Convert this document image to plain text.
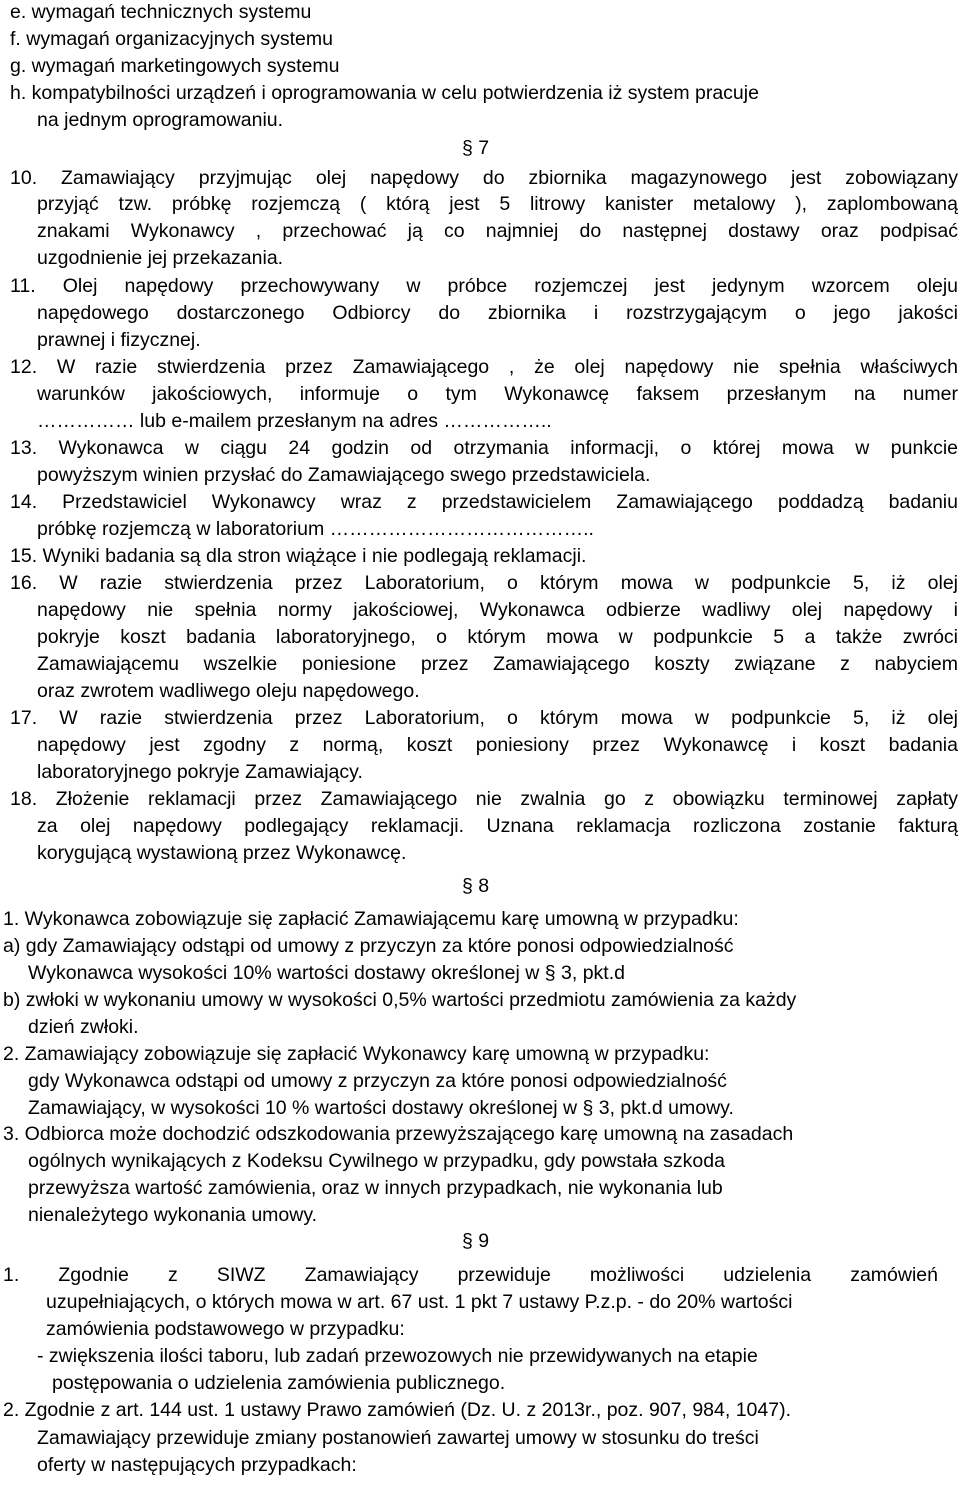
e. wymagań technicznych systemu
f. wymagań organizacyjnych systemu
g. wymagań marketingowych systemu
h. kompatybilności urządzeń i oprogramowania w celu potwierdzenia iż system pracuje
na jednym oprogramowaniu.
§ 7
10. Zamawiający przyjmując olej napędowy do zbiornika magazynowego jest zobowiązany
przyjąć tzw. próbkę rozjemczą ( którą jest 5 litrowy kanister metalowy ), zaplombowaną
znakami Wykonawcy , przechować ją co najmniej do następnej dostawy oraz podpisać
uzgodnienie jej przekazania.
11. Olej napędowy przechowywany w próbce rozjemczej jest jedynym wzorcem oleju
napędowego dostarczonego Odbiorcy do zbiornika i rozstrzygającym o jego jakości
prawnej i fizycznej.
12. W razie stwierdzenia przez Zamawiającego , że olej napędowy nie spełnia właściwych
warunków jakościowych, informuje o tym Wykonawcę faksem przesłanym na numer
…………… lub e-mailem przesłanym na adres ……………..
13. Wykonawca w ciągu 24 godzin od otrzymania informacji, o której mowa w punkcie
powyższym winien przysłać do Zamawiającego swego przedstawiciela.
14. Przedstawiciel Wykonawcy wraz z przedstawicielem Zamawiającego poddadzą badaniu
próbkę rozjemczą w laboratorium …………………………………..
15. Wyniki badania są dla stron wiążące i nie podlegają reklamacji.
16. W razie stwierdzenia przez Laboratorium, o którym mowa w podpunkcie 5, iż olej
napędowy nie spełnia normy jakościowej, Wykonawca odbierze wadliwy olej napędowy i
pokryje koszt badania laboratoryjnego, o którym mowa w podpunkcie 5 a także zwróci
Zamawiającemu wszelkie poniesione przez Zamawiającego koszty związane z nabyciem
oraz zwrotem wadliwego oleju napędowego.
17. W razie stwierdzenia przez Laboratorium, o którym mowa w podpunkcie 5, iż olej
napędowy jest zgodny z normą, koszt poniesiony przez Wykonawcę i koszt badania
laboratoryjnego pokryje Zamawiający.
18. Złożenie reklamacji przez Zamawiającego nie zwalnia go z obowiązku terminowej zapłaty
za olej napędowy podlegający reklamacji. Uznana reklamacja rozliczona zostanie fakturą
korygującą wystawioną przez Wykonawcę.
§ 8
1. Wykonawca zobowiązuje się zapłacić Zamawiającemu karę umowną w przypadku:
a) gdy Zamawiający odstąpi od umowy z przyczyn za które ponosi odpowiedzialność
Wykonawca wysokości 10% wartości dostawy określonej w § 3, pkt.d
b) zwłoki w wykonaniu umowy w wysokości 0,5% wartości przedmiotu zamówienia za każdy
dzień zwłoki.
2. Zamawiający zobowiązuje się zapłacić Wykonawcy karę umowną w przypadku:
gdy Wykonawca odstąpi od umowy z przyczyn za które ponosi odpowiedzialność
Zamawiający, w wysokości 10 % wartości dostawy określonej w § 3, pkt.d umowy.
3. Odbiorca może dochodzić odszkodowania przewyższającego karę umowną na zasadach
ogólnych wynikających z Kodeksu Cywilnego w przypadku, gdy powstała szkoda
przewyższa wartość zamówienia, oraz w innych przypadkach, nie wykonania lub
nienależytego wykonania umowy.
§ 9
1. Zgodnie z SIWZ Zamawiający przewiduje możliwości udzielenia zamówień
uzupełniających, o których mowa w art. 67 ust. 1 pkt 7 ustawy P.z.p. - do 20% wartości
zamówienia podstawowego w przypadku:
- zwiększenia ilości taboru, lub zadań przewozowych nie przewidywanych na etapie
postępowania o udzielenia zamówienia publicznego.
2. Zgodnie z art. 144 ust. 1 ustawy Prawo zamówień (Dz. U. z 2013r., poz. 907, 984, 1047).
Zamawiający przewiduje zmiany postanowień zawartej umowy w stosunku do treści
oferty w następujących przypadkach:
